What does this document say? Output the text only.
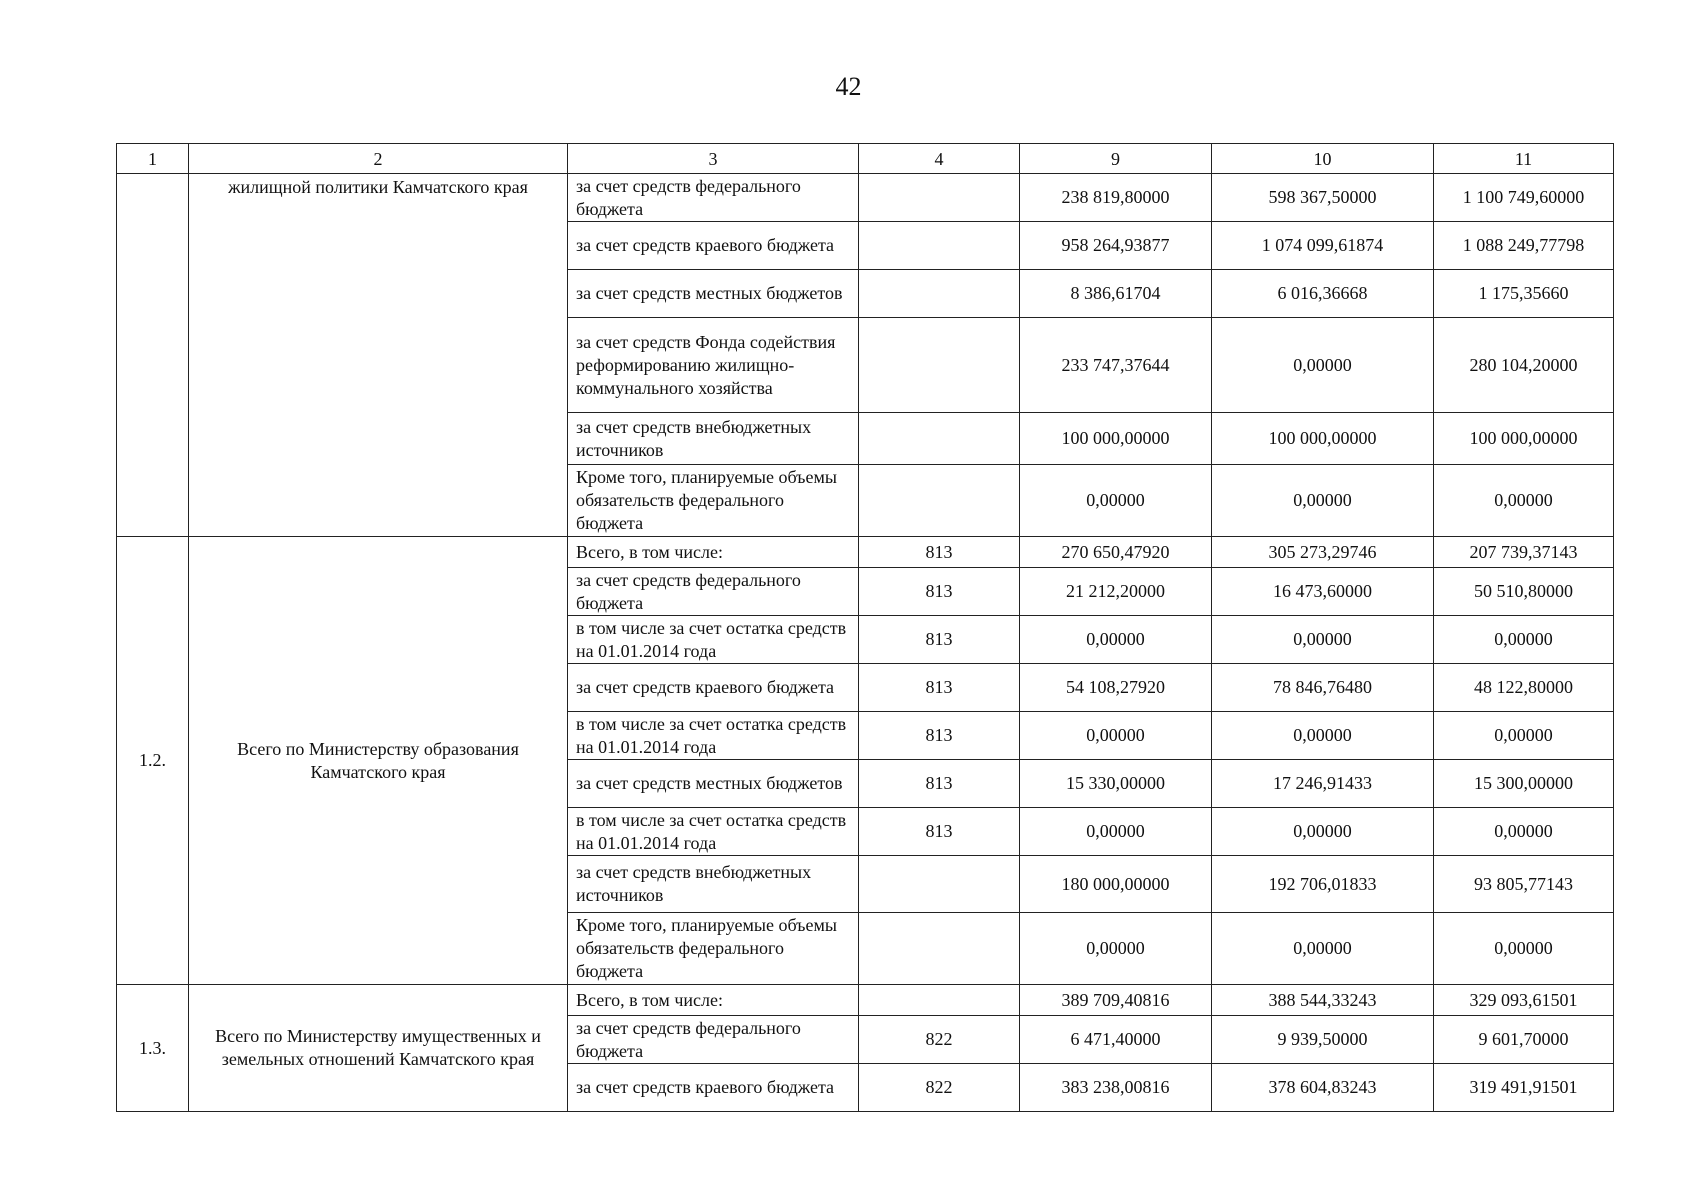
42
1	2	3	4	9	10	11
	жилищной политики Камчатского края	за счет средств федерального бюджета		238 819,80000	598 367,50000	1 100 749,60000
		за счет средств краевого бюджета		958 264,93877	1 074 099,61874	1 088 249,77798
		за счет средств местных бюджетов		8 386,61704	6 016,36668	1 175,35660
		за счет средств Фонда содействия реформированию жилищно-коммунального хозяйства		233 747,37644	0,00000	280 104,20000
		за счет средств внебюджетных источников		100 000,00000	100 000,00000	100 000,00000
		Кроме того, планируемые объемы обязательств федерального бюджета		0,00000	0,00000	0,00000
1.2.	Всего по Министерству образования Камчатского края	Всего, в том числе:	813	270 650,47920	305 273,29746	207 739,37143
		за счет средств федерального бюджета	813	21 212,20000	16 473,60000	50 510,80000
		в том числе за счет остатка средств на 01.01.2014 года	813	0,00000	0,00000	0,00000
		за счет средств краевого бюджета	813	54 108,27920	78 846,76480	48 122,80000
		в том числе за счет остатка средств на 01.01.2014 года	813	0,00000	0,00000	0,00000
		за счет средств местных бюджетов	813	15 330,00000	17 246,91433	15 300,00000
		в том числе за счет остатка средств на 01.01.2014 года	813	0,00000	0,00000	0,00000
		за счет средств внебюджетных источников		180 000,00000	192 706,01833	93 805,77143
		Кроме того, планируемые объемы обязательств федерального бюджета		0,00000	0,00000	0,00000
1.3.	Всего по Министерству имущественных и земельных отношений Камчатского края	Всего, в том числе:		389 709,40816	388 544,33243	329 093,61501
		за счет средств федерального бюджета	822	6 471,40000	9 939,50000	9 601,70000
		за счет средств краевого бюджета	822	383 238,00816	378 604,83243	319 491,91501
